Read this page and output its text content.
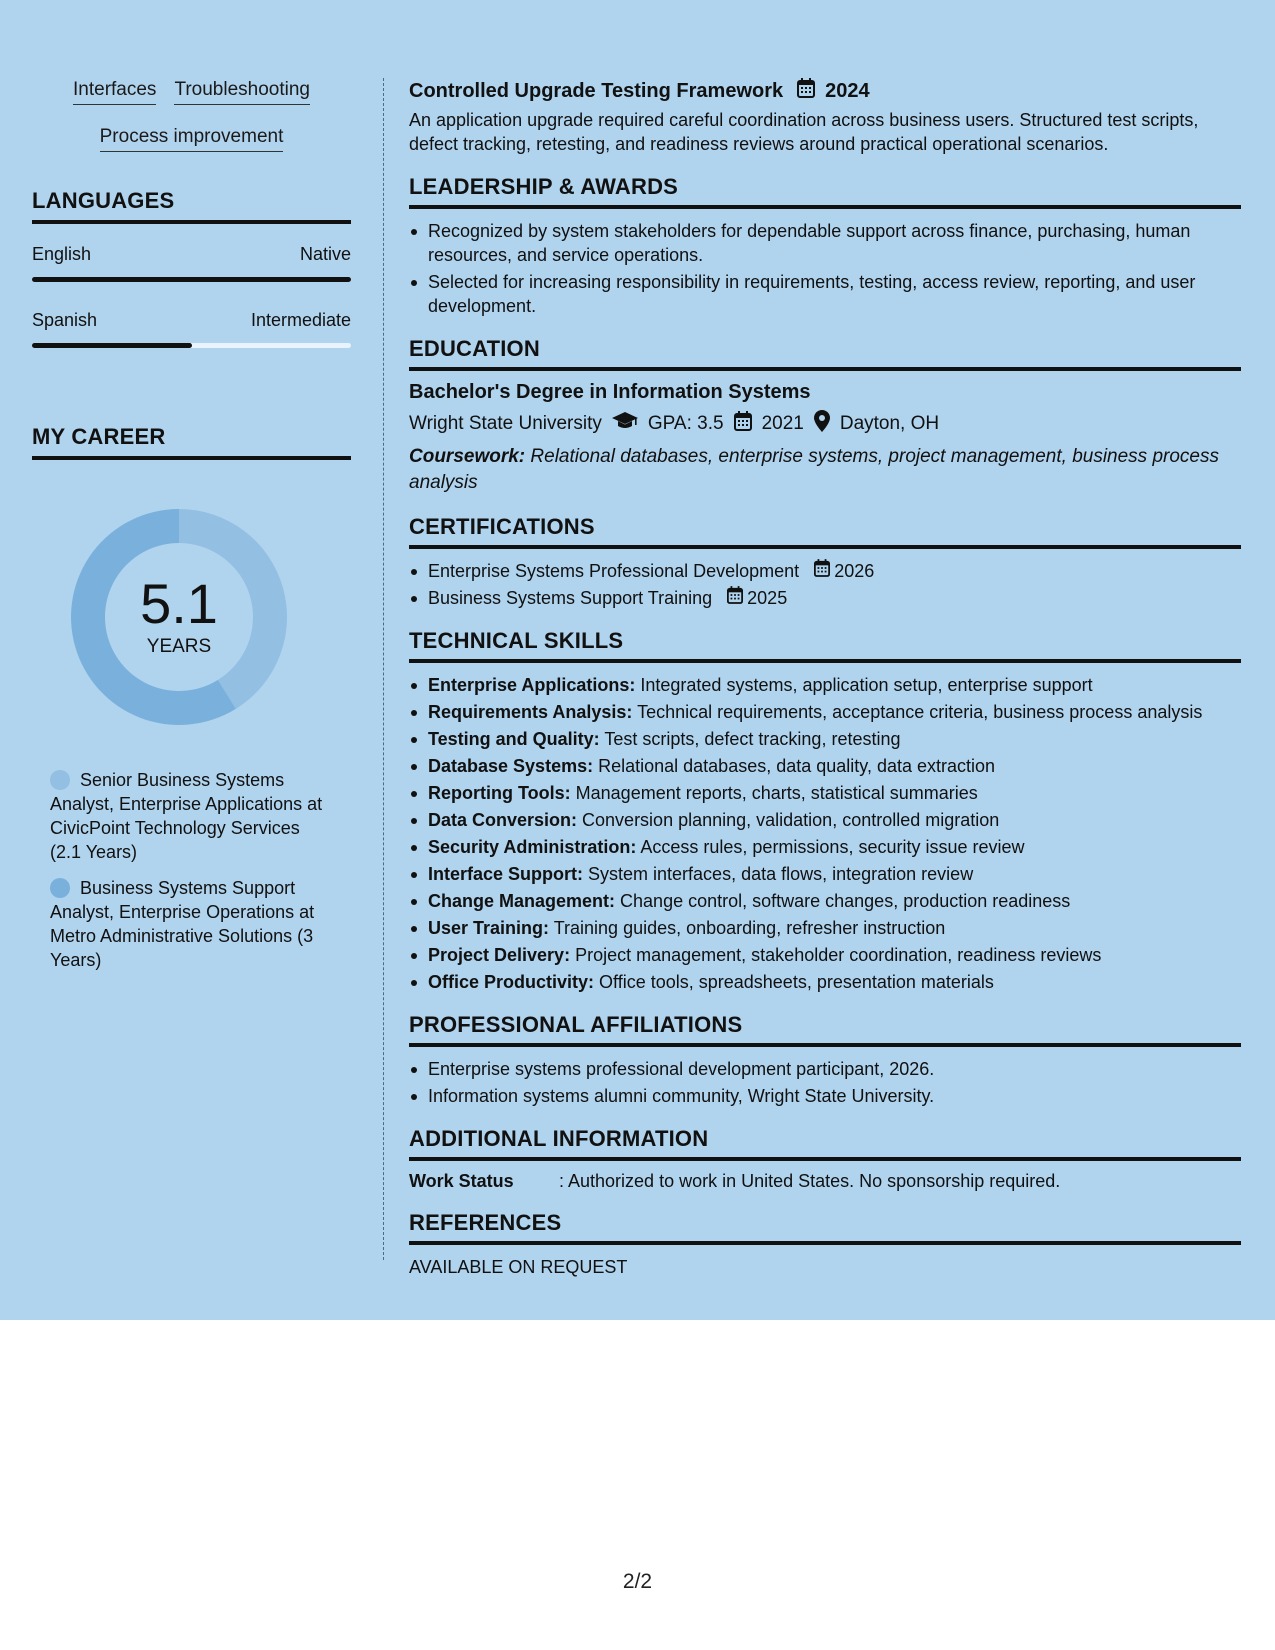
Interfaces Troubleshooting
Process improvement
LANGUAGES
English	Native
Spanish	Intermediate
MY CAREER
5.1
YEARS
Senior Business Systems Analyst, Enterprise Applications at CivicPoint Technology Services (2.1 Years)
Business Systems Support Analyst, Enterprise Operations at Metro Administrative Solutions (3 Years)
Controlled Upgrade Testing Framework 2024
An application upgrade required careful coordination across business users. Structured test scripts, defect tracking, retesting, and readiness reviews around practical operational scenarios.
LEADERSHIP & AWARDS
Recognized by system stakeholders for dependable support across finance, purchasing, human resources, and service operations.
Selected for increasing responsibility in requirements, testing, access review, reporting, and user development.
EDUCATION
Bachelor's Degree in Information Systems
Wright State University GPA: 3.5 2021 Dayton, OH
Coursework: Relational databases, enterprise systems, project management, business process analysis
CERTIFICATIONS
Enterprise Systems Professional Development 2026
Business Systems Support Training 2025
TECHNICAL SKILLS
Enterprise Applications: Integrated systems, application setup, enterprise support
Requirements Analysis: Technical requirements, acceptance criteria, business process analysis
Testing and Quality: Test scripts, defect tracking, retesting
Database Systems: Relational databases, data quality, data extraction
Reporting Tools: Management reports, charts, statistical summaries
Data Conversion: Conversion planning, validation, controlled migration
Security Administration: Access rules, permissions, security issue review
Interface Support: System interfaces, data flows, integration review
Change Management: Change control, software changes, production readiness
User Training: Training guides, onboarding, refresher instruction
Project Delivery: Project management, stakeholder coordination, readiness reviews
Office Productivity: Office tools, spreadsheets, presentation materials
PROFESSIONAL AFFILIATIONS
Enterprise systems professional development participant, 2026.
Information systems alumni community, Wright State University.
ADDITIONAL INFORMATION
Work Status	: Authorized to work in United States. No sponsorship required.
REFERENCES
AVAILABLE ON REQUEST
2/2
